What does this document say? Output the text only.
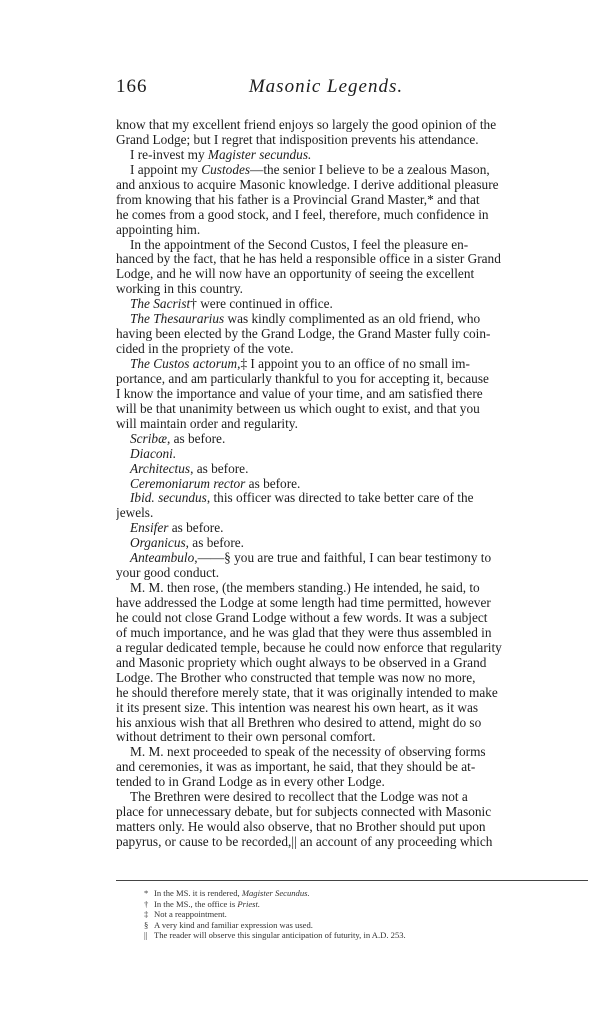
166	Masonic Legends.
know that my excellent friend enjoys so largely the good opinion of the
Grand Lodge; but I regret that indisposition prevents his attendance.
I re-invest my Magister secundus.
I appoint my Custodes—the senior I believe to be a zealous Mason,
and anxious to acquire Masonic knowledge. I derive additional pleasure
from knowing that his father is a Provincial Grand Master,* and that
he comes from a good stock, and I feel, therefore, much confidence in
appointing him.
In the appointment of the Second Custos, I feel the pleasure en-
hanced by the fact, that he has held a responsible office in a sister Grand
Lodge, and he will now have an opportunity of seeing the excellent
working in this country.
The Sacrist† were continued in office.
The Thesaurarius was kindly complimented as an old friend, who
having been elected by the Grand Lodge, the Grand Master fully coin-
cided in the propriety of the vote.
The Custos actorum,‡ I appoint you to an office of no small im-
portance, and am particularly thankful to you for accepting it, because
I know the importance and value of your time, and am satisfied there
will be that unanimity between us which ought to exist, and that you
will maintain order and regularity.
Scribæ, as before.
Diaconi.
Architectus, as before.
Ceremoniarum rector as before.
Ibid. secundus, this officer was directed to take better care of the
jewels.
Ensifer as before.
Organicus, as before.
Anteambulo,——§ you are true and faithful, I can bear testimony to
your good conduct.
M. M. then rose, (the members standing.) He intended, he said, to
have addressed the Lodge at some length had time permitted, however
he could not close Grand Lodge without a few words. It was a subject
of much importance, and he was glad that they were thus assembled in
a regular dedicated temple, because he could now enforce that regularity
and Masonic propriety which ought always to be observed in a Grand
Lodge. The Brother who constructed that temple was now no more,
he should therefore merely state, that it was originally intended to make
it its present size. This intention was nearest his own heart, as it was
his anxious wish that all Brethren who desired to attend, might do so
without detriment to their own personal comfort.
M. M. next proceeded to speak of the necessity of observing forms
and ceremonies, it was as important, he said, that they should be at-
tended to in Grand Lodge as in every other Lodge.
The Brethren were desired to recollect that the Lodge was not a
place for unnecessary debate, but for subjects connected with Masonic
matters only. He would also observe, that no Brother should put upon
papyrus, or cause to be recorded,|| an account of any proceeding which
* In the MS. it is rendered, Magister Secundus.
† In the MS., the office is Priest.
‡ Not a reappointment.
§ A very kind and familiar expression was used.
|| The reader will observe this singular anticipation of futurity, in A.D. 253.
